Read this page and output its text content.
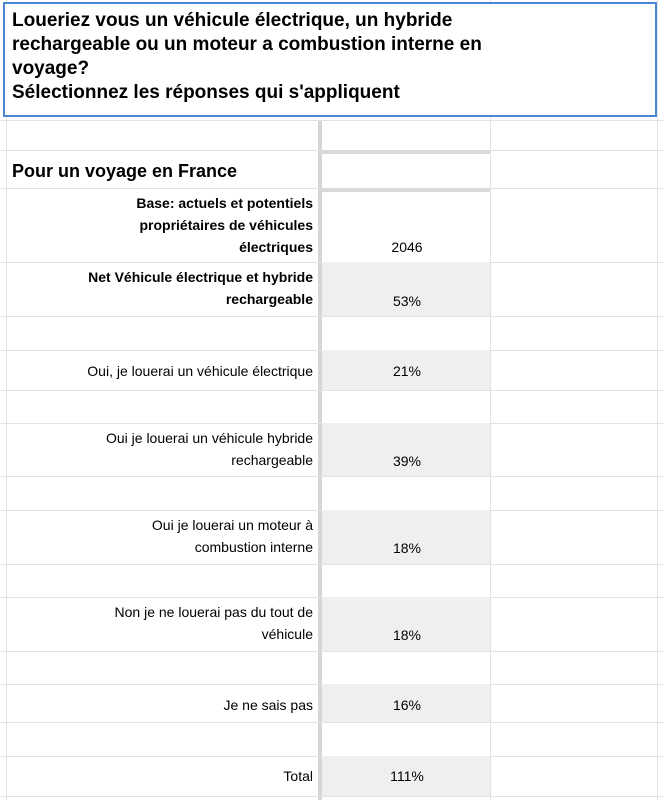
Loueriez vous un véhicule électrique, un hybride
rechargeable ou un moteur a combustion interne en
voyage?
Sélectionnez les réponses qui s'appliquent

Pour un voyage en France
Base: actuels et potentiels
propriétaires de véhicules
électriques	2046
Net Véhicule électrique et hybride
rechargeable	53%
Oui, je louerai un véhicule électrique	21%
Oui je louerai un véhicule hybride
rechargeable	39%
Oui je louerai un moteur à
combustion interne	18%
Non je ne louerai pas du tout de
véhicule	18%
Je ne sais pas	16%
Total	111%
